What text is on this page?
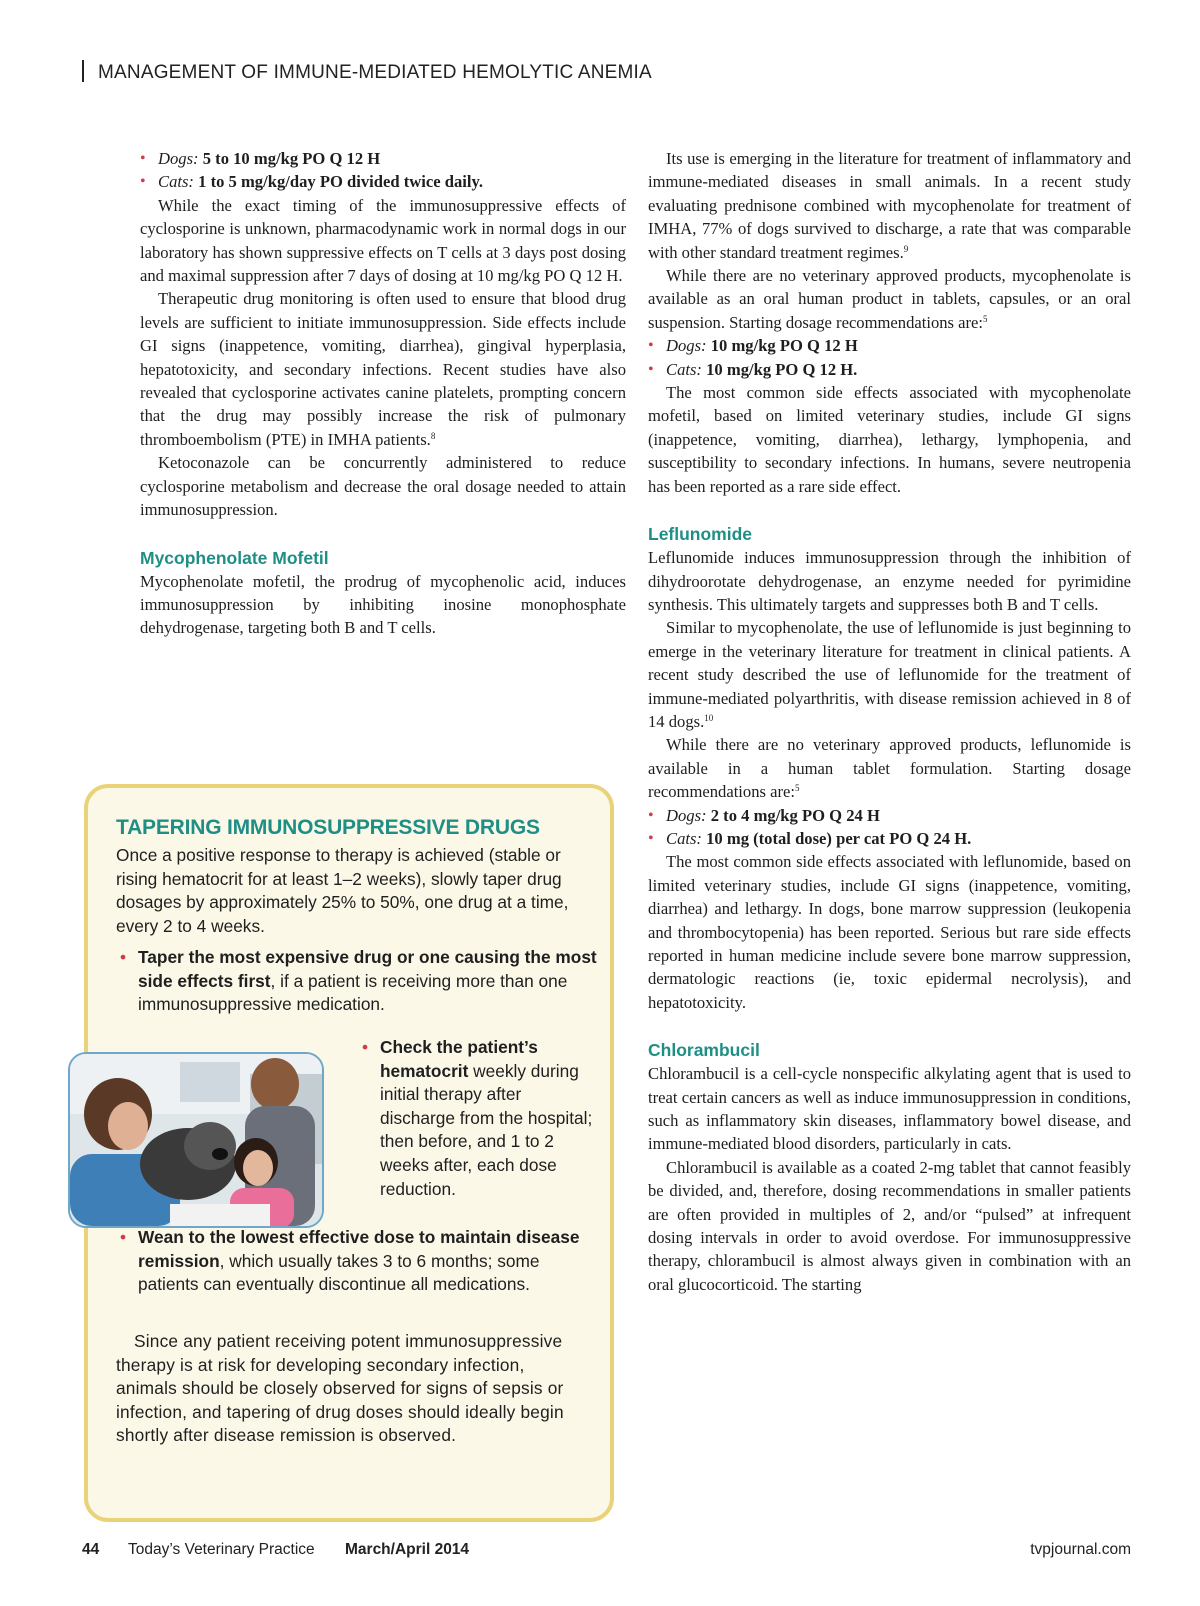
MANAGEMENT OF IMMUNE-MEDIATED HEMOLYTIC ANEMIA
• Dogs: 5 to 10 mg/kg PO Q 12 H
• Cats: 1 to 5 mg/kg/day PO divided twice daily.

While the exact timing of the immunosuppressive effects of cyclosporine is unknown, pharmacodynamic work in normal dogs in our laboratory has shown suppressive effects on T cells at 3 days post dosing and maximal suppression after 7 days of dosing at 10 mg/kg PO Q 12 H.

Therapeutic drug monitoring is often used to ensure that blood drug levels are sufficient to initiate immunosuppression. Side effects include GI signs (inappetence, vomiting, diarrhea), gingival hyperplasia, hepatotoxicity, and secondary infections. Recent studies have also revealed that cyclosporine activates canine platelets, prompting concern that the drug may possibly increase the risk of pulmonary thromboembolism (PTE) in IMHA patients.$^8$

Ketoconazole can be concurrently administered to reduce cyclosporine metabolism and decrease the oral dosage needed to attain immunosuppression.

Mycophenolate Mofetil

Mycophenolate mofetil, the prodrug of mycophenolic acid, induces immunosuppression by inhibiting inosine monophosphate dehydrogenase, targeting both B and T cells.

Its use is emerging in the literature for treatment of inflammatory and immune-mediated diseases in small animals. In a recent study evaluating prednisone combined with mycophenolate for treatment of IMHA, 77% of dogs survived to discharge, a rate that was comparable with other standard treatment regimes.$^9$

While there are no veterinary approved products, mycophenolate is available as an oral human product in tablets, capsules, or an oral suspension. Starting dosage recommendations are:$^5$

• Dogs: 10 mg/kg PO Q 12 H
• Cats: 10 mg/kg PO Q 12 H.

The most common side effects associated with mycophenolate mofetil, based on limited veterinary studies, include GI signs (inappetence, vomiting, diarrhea), lethargy, lymphopenia, and susceptibility to secondary infections. In humans, severe neutropenia has been reported as a rare side effect.

Leflunomide

Leflunomide induces immunosuppression through the inhibition of dihydroorotate dehydrogenase, an enzyme needed for pyrimidine synthesis. This ultimately targets and suppresses both B and T cells.

Similar to mycophenolate, the use of leflunomide is just beginning to emerge in the veterinary literature for treatment in clinical patients. A recent study described the use of leflunomide for the treatment of immune-mediated polyarthritis, with disease remission achieved in 8 of 14 dogs.$^{10}$

While there are no veterinary approved products, leflunomide is available in a human tablet formulation. Starting dosage recommendations are:$^5$

• Dogs: 2 to 4 mg/kg PO Q 24 H
• Cats: 10 mg (total dose) per cat PO Q 24 H.

The most common side effects associated with leflunomide, based on limited veterinary studies, include GI signs (inappetence, vomiting, diarrhea) and lethargy. In dogs, bone marrow suppression (leukopenia and thrombocytopenia) has been reported. Serious but rare side effects reported in human medicine include severe bone marrow suppression, dermatologic reactions (ie, toxic epidermal necrolysis), and hepatotoxicity.

Chlorambucil

Chlorambucil is a cell-cycle nonspecific alkylating agent that is used to treat certain cancers as well as induce immunosuppression in conditions, such as inflammatory skin diseases, inflammatory bowel disease, and immune-mediated blood disorders, particularly in cats.

Chlorambucil is available as a coated 2-mg tablet that cannot feasibly be divided, and, therefore, dosing recommendations in smaller patients are often provided in multiples of 2, and/or “pulsed” at infrequent dosing intervals in order to avoid overdose. For immunosuppressive therapy, chlorambucil is almost always given in combination with an oral glucocorticoid. The starting

TAPERING IMMUNOSUPPRESSIVE DRUGS
Once a positive response to therapy is achieved (stable or rising hematocrit for at least 1–2 weeks), slowly taper drug dosages by approximately 25% to 50%, one drug at a time, every 2 to 4 weeks.
• Taper the most expensive drug or one causing the most side effects first, if a patient is receiving more than one immunosuppressive medication.
• Check the patient’s hematocrit weekly during initial therapy after discharge from the hospital; then before, and 1 to 2 weeks after, each dose reduction.
• Wean to the lowest effective dose to maintain disease remission, which usually takes 3 to 6 months; some patients can eventually discontinue all medications.
Since any patient receiving potent immunosuppressive therapy is at risk for developing secondary infection, animals should be closely observed for signs of sepsis or infection, and tapering of drug doses should ideally begin shortly after disease remission is observed.
44 Today’s Veterinary Practice March/April 2014	tvpjournal.com
